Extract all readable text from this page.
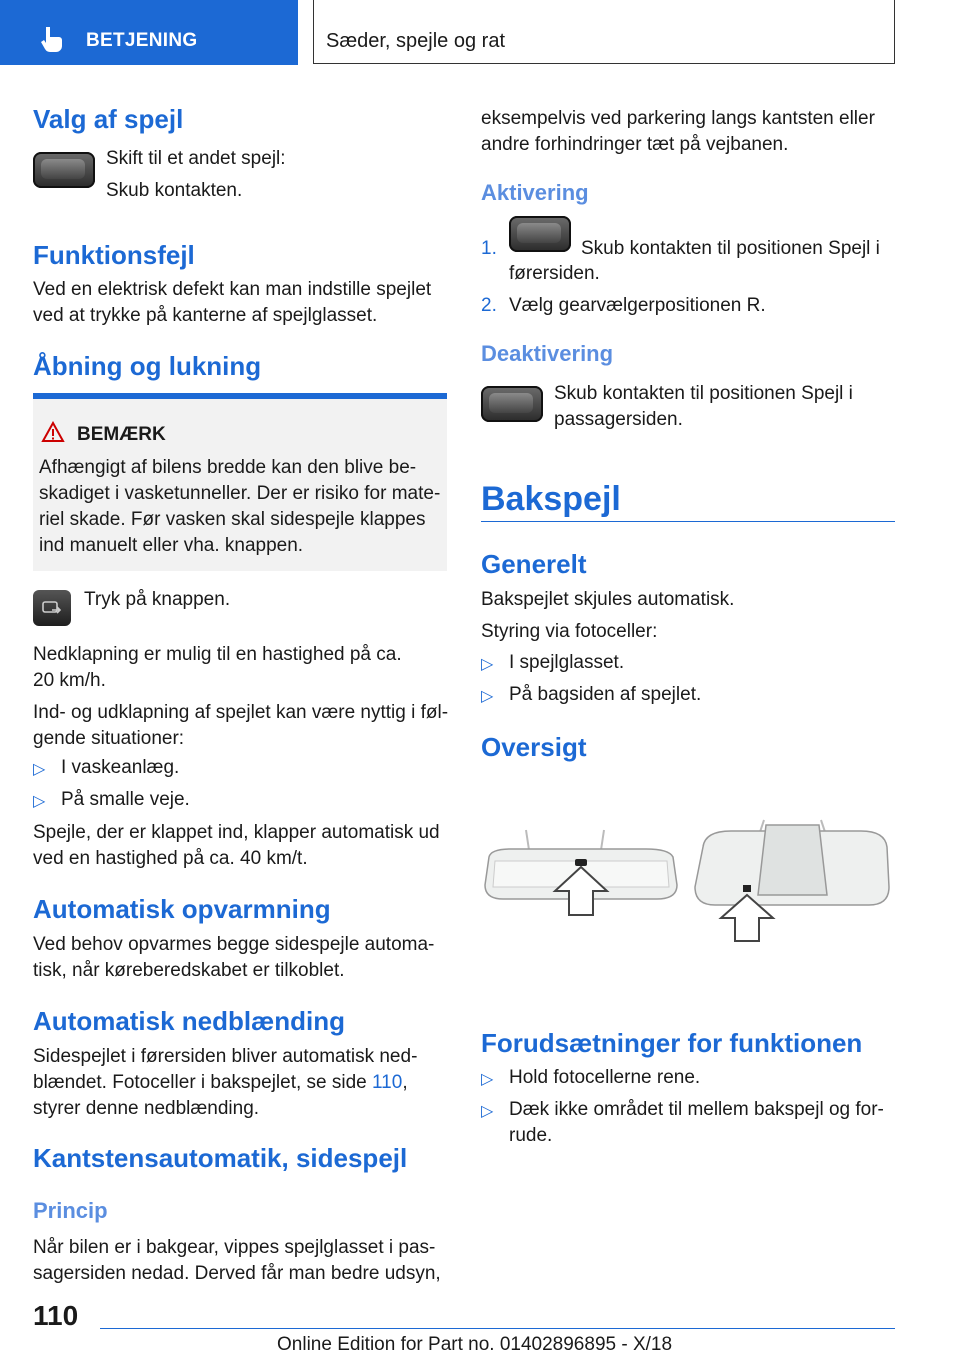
BETJENING	Sæder, spejle og rat
Valg af spejl
Skift til et andet spejl:
Skub kontakten.
Funktionsfejl
Ved en elektrisk defekt kan man indstille spejlet
ved at trykke på kanterne af spejlglasset.
Åbning og lukning
BEMÆRK
Afhængigt af bilens bredde kan den blive be-
skadiget i vasketunneller. Der er risiko for mate-
riel skade. Før vasken skal sidespejle klappes
ind manuelt eller vha. knappen.
Tryk på knappen.
Nedklapning er mulig til en hastighed på ca.
20 km/h.
Ind- og udklapning af spejlet kan være nyttig i føl-
gende situationer:
▷ I vaskeanlæg.
▷ På smalle veje.
Spejle, der er klappet ind, klapper automatisk ud
ved en hastighed på ca. 40 km/t.
Automatisk opvarmning
Ved behov opvarmes begge sidespejle automa-
tisk, når køreberedskabet er tilkoblet.
Automatisk nedblænding
Sidespejlet i førersiden bliver automatisk ned-
blændet. Fotoceller i bakspejlet, se side 110,
styrer denne nedblænding.
Kantstensautomatik, sidespejl
Princip
Når bilen er i bakgear, vippes spejlglasset i pas-
sagersiden nedad. Derved får man bedre udsyn,
eksempelvis ved parkering langs kantsten eller
andre forhindringer tæt på vejbanen.
Aktivering
1.	Skub kontakten til positionen Spejl i
førersiden.
2. Vælg gearvælgerpositionen R.
Deaktivering
Skub kontakten til positionen Spejl i
passagersiden.
Bakspejl
Generelt
Bakspejlet skjules automatisk.
Styring via fotoceller:
▷ I spejlglasset.
▷ På bagsiden af spejlet.
Oversigt
Forudsætninger for funktionen
▷ Hold fotocellerne rene.
▷ Dæk ikke området til mellem bakspejl og for-
rude.
110
Online Edition for Part no. 01402896895 - X/18
